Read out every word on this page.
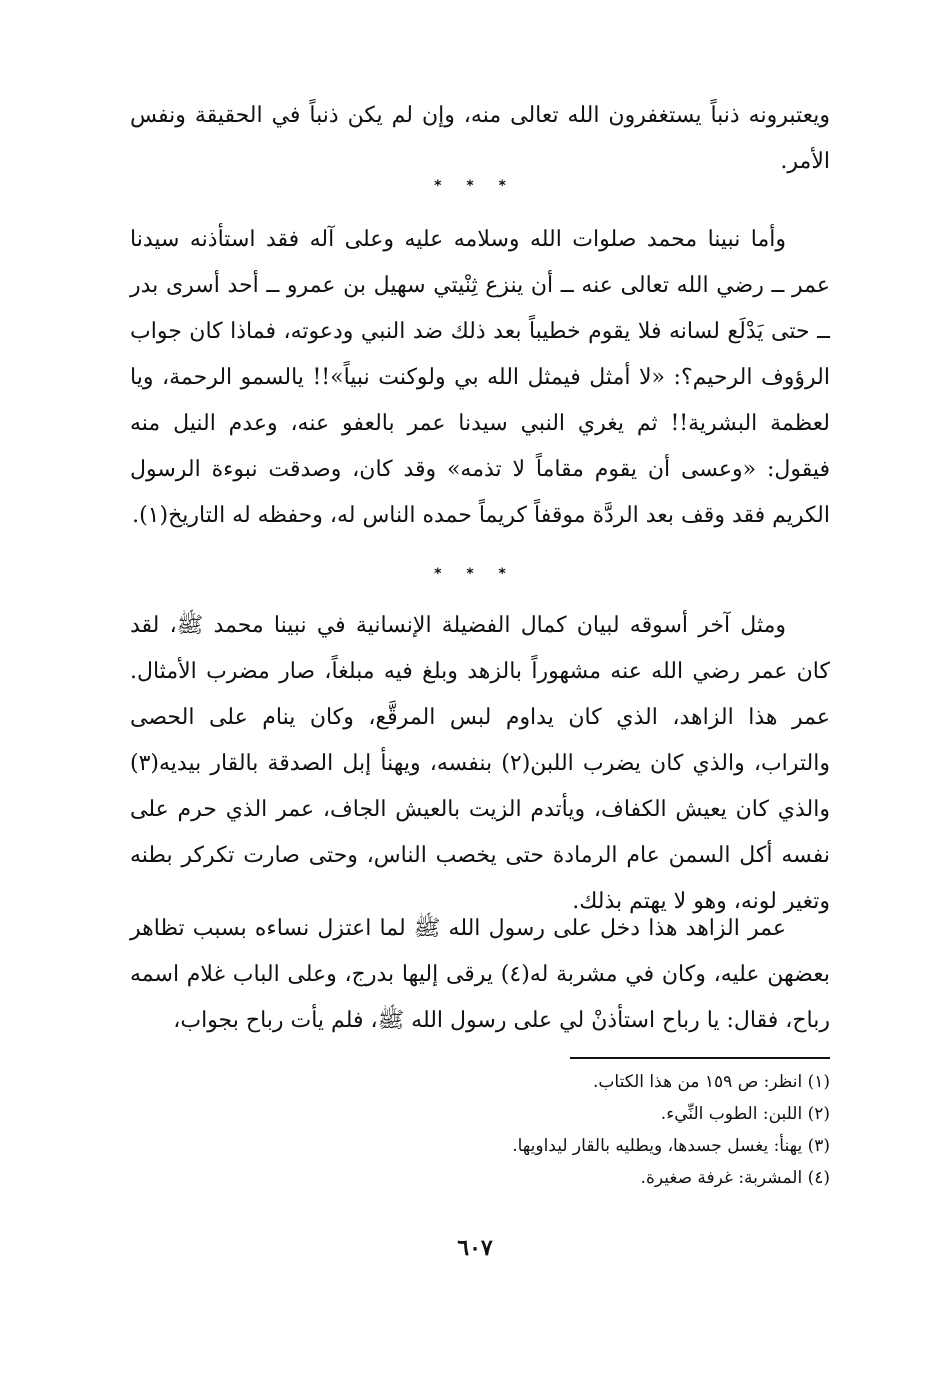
ويعتبرونه ذنباً يستغفرون الله تعالى منه، وإن لم يكن ذنباً في الحقيقة ونفس الأمر.

* * *

وأما نبينا محمد صلوات الله وسلامه عليه وعلى آله فقد استأذنه سيدنا عمر ــ رضي الله تعالى عنه ــ أن ينزع ثِنْيتي سهيل بن عمرو ــ أحد أسرى بدر ــ حتى يَدْلَع لسانه فلا يقوم خطيباً بعد ذلك ضد النبي ودعوته، فماذا كان جواب الرؤوف الرحيم؟: «لا أمثل فيمثل الله بي ولوكنت نبياً»!! يالسمو الرحمة، ويا لعظمة البشرية!! ثم يغري النبي سيدنا عمر بالعفو عنه، وعدم النيل منه فيقول: «وعسى أن يقوم مقاماً لا تذمه» وقد كان، وصدقت نبوءة الرسول الكريم فقد وقف بعد الردَّة موقفاً كريماً حمده الناس له، وحفظه له التاريخ(١).

* * *

ومثل آخر أسوقه لبيان كمال الفضيلة الإنسانية في نبينا محمد ﷺ، لقد كان عمر رضي الله عنه مشهوراً بالزهد وبلغ فيه مبلغاً، صار مضرب الأمثال. عمر هذا الزاهد، الذي كان يداوم لبس المرقَّع، وكان ينام على الحصى والتراب، والذي كان يضرب اللبن(٢) بنفسه، ويهنأ إبل الصدقة بالقار بيديه(٣) والذي كان يعيش الكفاف، ويأتدم الزيت بالعيش الجاف، عمر الذي حرم على نفسه أكل السمن عام الرمادة حتى يخصب الناس، وحتى صارت تكركر بطنه وتغير لونه، وهو لا يهتم بذلك.

عمر الزاهد هذا دخل على رسول الله ﷺ لما اعتزل نساءه بسبب تظاهر بعضهن عليه، وكان في مشربة له(٤) يرقى إليها بدرج، وعلى الباب غلام اسمه رباح، فقال: يا رباح استأذنْ لي على رسول الله ﷺ، فلم يأت رباح بجواب،

(١) انظر: ص ١٥٩ من هذا الكتاب.

(٢) اللبن: الطوب النِّيء.

(٣) يهنأ: يغسل جسدها، ويطليه بالقار ليداويها.

(٤) المشربة: غرفة صغيرة.

٦٠٧
